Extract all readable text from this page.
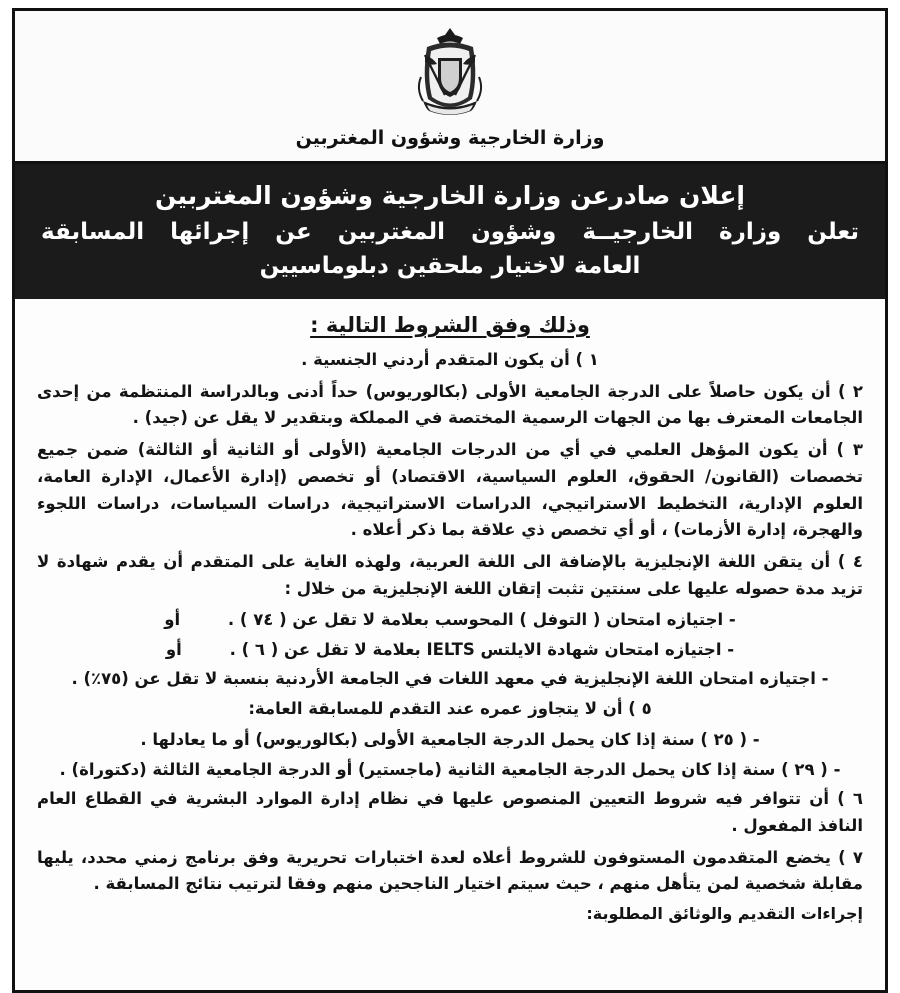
وزارة الخارجية وشؤون المغتربين
إعلان صادرعن وزارة الخارجية وشؤون المغتربين
تعلن وزارة الخارجيــة وشؤون المغتربين عن إجرائها المسابقة
العامة لاختيار ملحقين دبلوماسيين
وذلك وفق الشروط التالية :
١ ) أن يكون المتقدم أردني الجنسية .
٢ ) أن يكون حاصلاً على الدرجة الجامعية الأولى (بكالوريوس) حداً أدنى وبالدراسة المنتظمة من إحدى الجامعات المعترف بها من الجهات الرسمية المختصة في المملكة وبتقدير لا يقل عن (جيد) .
٣ ) أن يكون المؤهل العلمي في أي من الدرجات الجامعية (الأولى أو الثانية أو الثالثة) ضمن جميع تخصصات (القانون/ الحقوق، العلوم السياسية، الاقتصاد) أو تخصص (إدارة الأعمال، الإدارة العامة، العلوم الإدارية، التخطيط الاستراتيجي، الدراسات الاستراتيجية، دراسات السياسات، دراسات اللجوء والهجرة، إدارة الأزمات) ، أو أي تخصص ذي علاقة بما ذكر أعلاه .
٤ ) أن يتقن اللغة الإنجليزية بالإضافة الى اللغة العربية، ولهذه الغاية على المتقدم أن يقدم شهادة لا تزيد مدة حصوله عليها على سنتين تثبت إتقان اللغة الإنجليزية من خلال :
- اجتيازه امتحان ( التوفل ) المحوسب بعلامة لا تقل عن ( ٧٤ ) . أو
- اجتيازه امتحان شهادة الايلتس IELTS بعلامة لا تقل عن ( ٦ ) . أو
- اجتيازه امتحان اللغة الإنجليزية في معهد اللغات في الجامعة الأردنية بنسبة لا تقل عن (٧٥٪) .
٥ ) أن لا يتجاوز عمره عند التقدم للمسابقة العامة:
- ( ٢٥ ) سنة إذا كان يحمل الدرجة الجامعية الأولى (بكالوريوس) أو ما يعادلها .
- ( ٢٩ ) سنة إذا كان يحمل الدرجة الجامعية الثانية (ماجستير) أو الدرجة الجامعية الثالثة (دكتوراة) .
٦ ) أن تتوافر فيه شروط التعيين المنصوص عليها في نظام إدارة الموارد البشرية في القطاع العام النافذ المفعول .
٧ ) يخضع المتقدمون المستوفون للشروط أعلاه لعدة اختبارات تحريرية وفق برنامج زمني محدد، يليها مقابلة شخصية لمن يتأهل منهم ، حيث سيتم اختيار الناجحين منهم وفقا لترتيب نتائج المسابقة .
إجراءات التقديم والوثائق المطلوبة:
